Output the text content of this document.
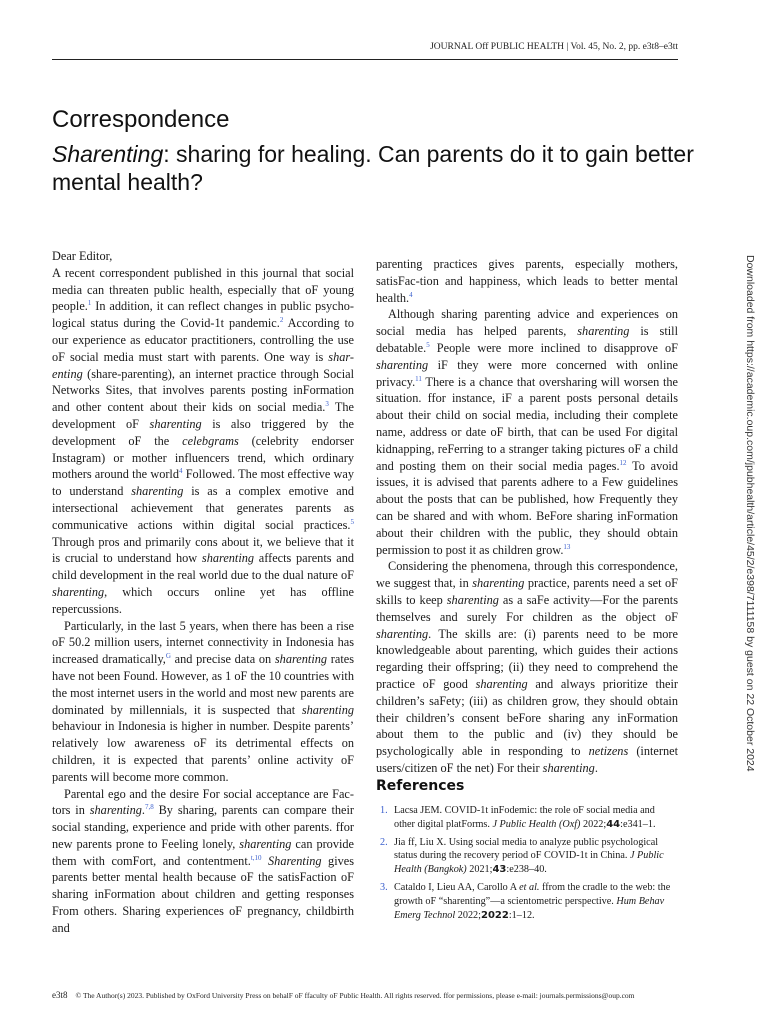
JOURNAL Off PUBLIC HEALTH | Vol. 45, No. 2, pp. e3t8–e3tt
Correspondence
Sharenting: sharing for healing. Can parents do it to gain better mental health?

Dear Editor,

A recent correspondent published in this journal that social media can threaten public health, especially that oF young people.$^1$ In addition, it can reflect changes in public psycho-logical status during the Covid-1t pandemic.$^2$ According to our experience as educator practitioners, controlling the use oF social media must start with parents. One way is shar-enting (share-parenting), an internet practice through Social Networks Sites, that involves parents posting inFormation and other content about their kids on social media.$^3$ The development oF sharenting is also triggered by the development oF the celebgrams (celebrity endorser Instagram) or mother influencers trend, which ordinary mothers around the world$^4$ Followed. The most effective way to understand sharenting is as a complex emotive and intersectional achievement that generates parents as communicative actions within digital social practices.$^5$ Through pros and primarily cons about it, we believe that it is crucial to understand how sharenting affects parents and child development in the real world due to the dual nature oF sharenting, which occurs online yet has offline repercussions.

Particularly, in the last 5 years, when there has been a rise oF 50.2 million users, internet connectivity in Indonesia has increased dramatically,$^G$ and precise data on sharenting rates have not been Found. However, as 1 oF the 10 countries with the most internet users in the world and most new parents are dominated by millennials, it is suspected that sharenting behaviour in Indonesia is higher in number. Despite parents’ relatively low awareness oF its detrimental effects on children, it is expected that parents’ online activity oF parents will become more common.

Parental ego and the desire For social acceptance are Fac- tors in sharenting.$^{7,8}$ By sharing, parents can compare their social standing, experience and pride with other parents. ffor new parents prone to Feeling lonely, sharenting can provide them with comFort, and contentment.$^{t,10}$ Sharenting gives parents better mental health because oF the satisFaction oF sharing inFormation about children and getting responses From others. Sharing experiences oF pregnancy, childbirth and

parenting practices gives parents, especially mothers, satisFac-tion and happiness, which leads to better mental health.$^4$

Although sharing parenting advice and experiences on social media has helped parents, sharenting is still debatable.$^5$ People were more inclined to disapprove oF sharenting iF they were more concerned with online privacy.$^{11}$ There is a chance that oversharing will worsen the situation. ffor instance, iF a parent posts personal details about their child on social media, including their complete name, address or date oF birth, that can be used For digital kidnapping, reFerring to a stranger taking pictures oF a child and posting them on their social media pages.$^{12}$ To avoid issues, it is advised that parents adhere to a Few guidelines about the posts that can be published, how Frequently they can be shared and with whom. BeFore sharing inFormation about their children with the public, they should obtain permission to post it as children grow.$^{13}$

Considering the phenomena, through this correspondence, we suggest that, in sharenting practice, parents need a set oF skills to keep sharenting as a saFe activity—For the parents themselves and surely For children as the object oF sharenting. The skills are: (i) parents need to be more knowledgeable about parenting, which guides their actions regarding their offspring; (ii) they need to comprehend the practice oF good sharenting and always prioritize their children’s saFety; (iii) as children grow, they should obtain their children’s consent beFore sharing any inFormation about them to the public and (iv) they should be psychologically able in responding to netizens (internet users/citizen oF the net) For their sharenting.

References
1. Lacsa JEM. COVID-1t inFodemic: the role oF social media and other digital platForms. J Public Health (Oxf) 2022;44:e341–1.
2. Jia ff, Liu X. Using social media to analyze public psychological status during the recovery period oF COVID-1t in China. J Public Health (Bangkok) 2021;43:e238–40.
3. Cataldo I, Lieu AA, Carollo A et al. ffrom the cradle to the web: the growth oF “sharenting”—a scientometric perspective. Hum Behav Emerg Technol 2022;2022:1–12.
Downloaded from https://academic.oup.com/jpubhealth/article/45/2/e398/7111158 by guest on 22 October 2024
e3t8 © The Author(s) 2023. Published by OxFord University Press on behalF oF ffaculty oF Public Health. All rights reserved. ffor permissions, please e-mail: journals.permissions@oup.com
